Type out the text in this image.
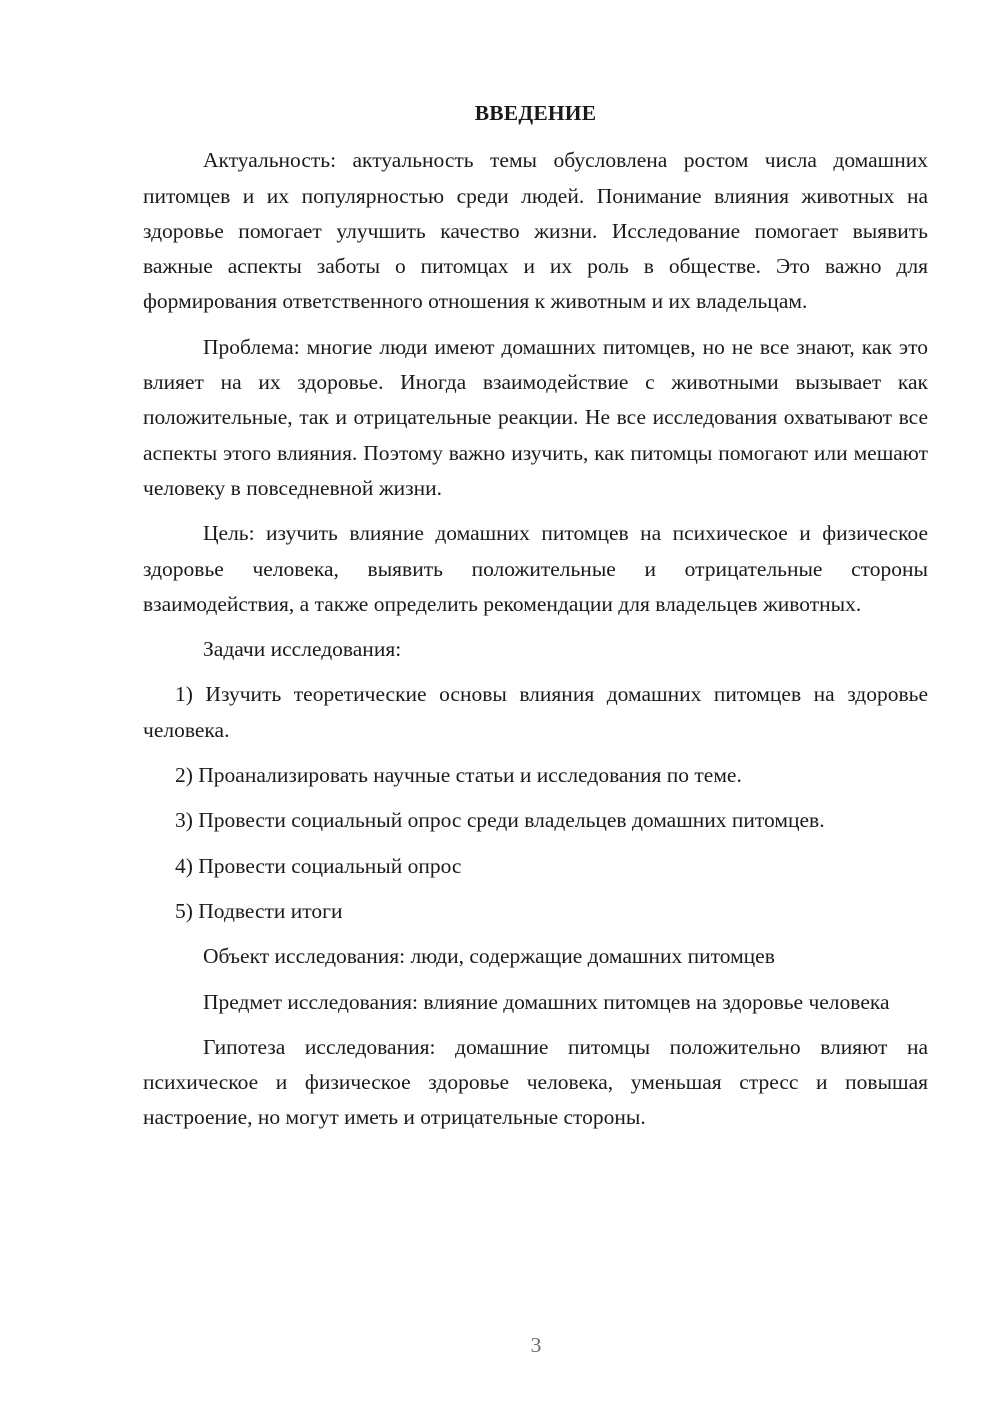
ВВЕДЕНИЕ

Актуальность: актуальность темы обусловлена ростом числа домашних питомцев и их популярностью среди людей. Понимание влияния животных на здоровье помогает улучшить качество жизни. Исследование помогает выявить важные аспекты заботы о питомцах и их роль в обществе. Это важно для формирования ответственного отношения к животным и их владельцам.

Проблема: многие люди имеют домашних питомцев, но не все знают, как это влияет на их здоровье. Иногда взаимодействие с животными вызывает как положительные, так и отрицательные реакции. Не все исследования охватывают все аспекты этого влияния. Поэтому важно изучить, как питомцы помогают или мешают человеку в повседневной жизни.

Цель: изучить влияние домашних питомцев на психическое и физическое здоровье человека, выявить положительные и отрицательные стороны взаимодействия, а также определить рекомендации для владельцев животных.

Задачи исследования:

1) Изучить теоретические основы влияния домашних питомцев на здоровье человека.

2) Проанализировать научные статьи и исследования по теме.

3) Провести социальный опрос среди владельцев домашних питомцев.

4) Провести социальный опрос

5) Подвести итоги

Объект исследования: люди, содержащие домашних питомцев

Предмет исследования: влияние домашних питомцев на здоровье человека

Гипотеза исследования: домашние питомцы положительно влияют на психическое и физическое здоровье человека, уменьшая стресс и повышая настроение, но могут иметь и отрицательные стороны.

3
